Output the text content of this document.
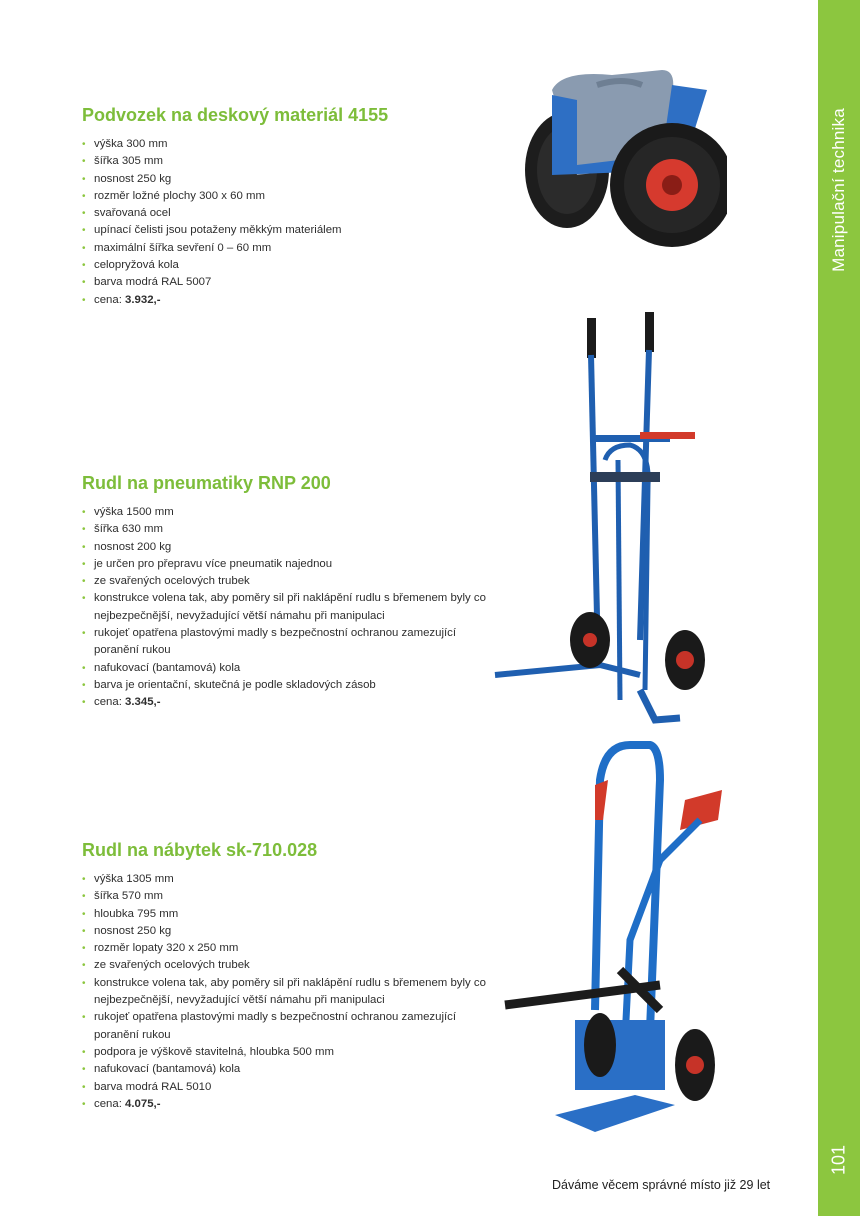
Manipulační technika
101
Podvozek na deskový materiál 4155
• výška 300 mm
• šířka 305 mm
• nosnost 250 kg
• rozměr ložné plochy 300 x 60 mm
• svařovaná ocel
• upínací čelisti jsou potaženy měkkým materiálem
• maximální šířka sevření 0 – 60 mm
• celopryžová kola
• barva modrá RAL 5007
• cena: 3.932,-
Rudl na pneumatiky RNP 200
• výška 1500 mm
• šířka 630 mm
• nosnost 200 kg
• je určen pro přepravu více pneumatik najednou
• ze svařených ocelových trubek
• konstrukce volena tak, aby poměry sil při naklápění rudlu s břemenem byly co nejbezpečnější, nevyžadující větší námahu při manipulaci
• rukojeť opatřena plastovými madly s bezpečnostní ochranou zamezující poranění rukou
• nafukovací (bantamová) kola
• barva je orientační, skutečná je podle skladových zásob
• cena: 3.345,-
Rudl na nábytek sk-710.028
• výška 1305 mm
• šířka 570 mm
• hloubka 795 mm
• nosnost 250 kg
• rozměr lopaty 320 x 250 mm
• ze svařených ocelových trubek
• konstrukce volena tak, aby poměry sil při naklápění rudlu s břemenem byly co nejbezpečnější, nevyžadující větší námahu při manipulaci
• rukojeť opatřena plastovými madly s bezpečnostní ochranou zamezující poranění rukou
• podpora je výškově stavitelná, hloubka 500 mm
• nafukovací (bantamová) kola
• barva modrá RAL 5010
• cena: 4.075,-
Dáváme věcem správné místo již 29 let
